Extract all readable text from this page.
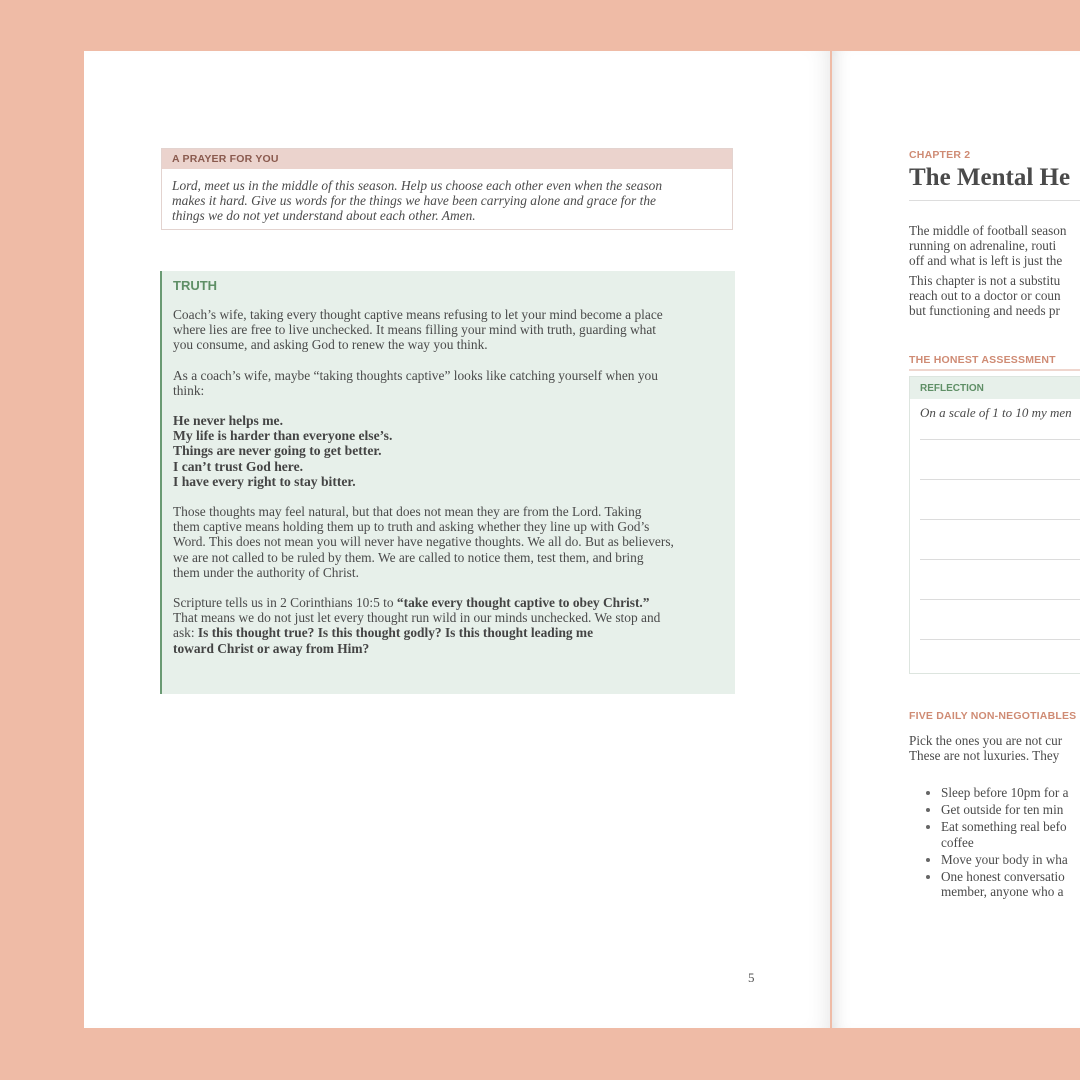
A PRAYER FOR YOU
Lord, meet us in the middle of this season. Help us choose each other even when the season
makes it hard. Give us words for the things we have been carrying alone and grace for the
things we do not yet understand about each other. Amen.
TRUTH

Coach’s wife, taking every thought captive means refusing to let your mind become a place
where lies are free to live unchecked. It means filling your mind with truth, guarding what
you consume, and asking God to renew the way you think.

As a coach’s wife, maybe “taking thoughts captive” looks like catching yourself when you
think:

He never helps me.
My life is harder than everyone else’s.
Things are never going to get better.
I can’t trust God here.
I have every right to stay bitter.

Those thoughts may feel natural, but that does not mean they are from the Lord. Taking
them captive means holding them up to truth and asking whether they line up with God’s
Word. This does not mean you will never have negative thoughts. We all do. But as believers,
we are not called to be ruled by them. We are called to notice them, test them, and bring
them under the authority of Christ.

Scripture tells us in 2 Corinthians 10:5 to “take every thought captive to obey Christ.”
That means we do not just let every thought run wild in our minds unchecked. We stop and
ask: Is this thought true? Is this thought godly? Is this thought leading me
toward Christ or away from Him?

5
CHAPTER 2
The Mental He
The middle of football season
running on adrenaline, routi
off and what is left is just the
This chapter is not a substitu
reach out to a doctor or coun
but functioning and needs pr
THE HONEST ASSESSMENT
REFLECTION
On a scale of 1 to 10 my men
FIVE DAILY NON-NEGOTIABLES
Pick the ones you are not cur
These are not luxuries. They
• Sleep before 10pm for a
• Get outside for ten min
• Eat something real befo
coffee
• Move your body in wha
• One honest conversatio
member, anyone who a
